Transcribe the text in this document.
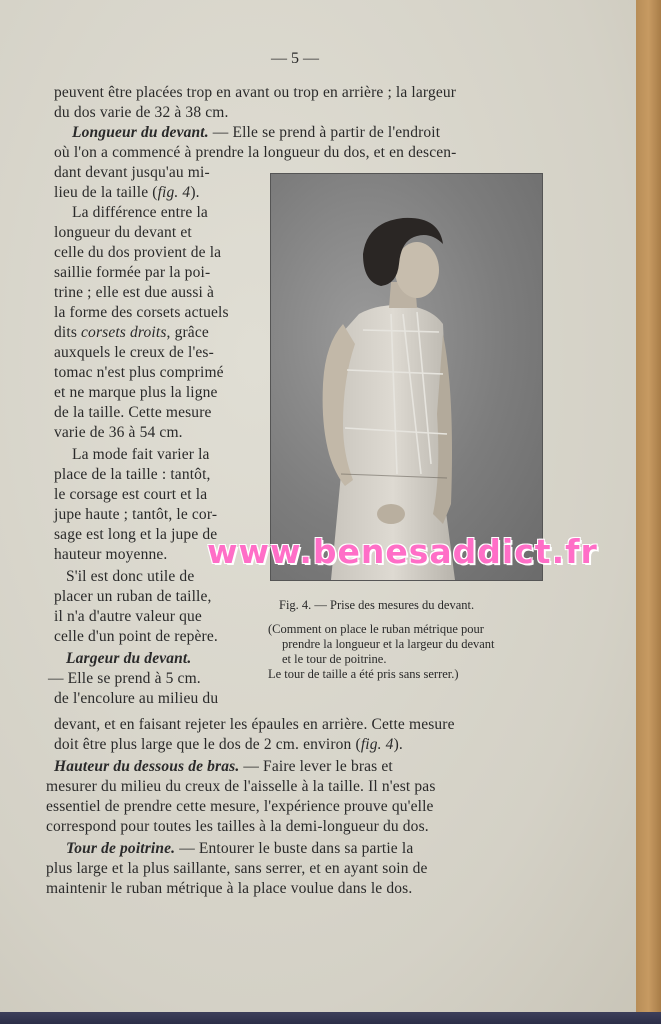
— 5 —
peuvent être placées trop en avant ou trop en arrière ; la largeur
du dos varie de 32 à 38 cm.
Longueur du devant. — Elle se prend à partir de l'endroit
où l'on a commencé à prendre la longueur du dos, et en descen-
dant devant jusqu'au mi-
lieu de la taille (fig. 4).
La différence entre la
longueur du devant et
celle du dos provient de la
saillie formée par la poi-
trine ; elle est due aussi à
la forme des corsets actuels
dits corsets droits, grâce
auxquels le creux de l'es-
tomac n'est plus comprimé
et ne marque plus la ligne
de la taille. Cette mesure
varie de 36 à 54 cm.
La mode fait varier la
place de la taille : tantôt,
le corsage est court et la
jupe haute ; tantôt, le cor-
sage est long et la jupe de
hauteur moyenne.
S'il est donc utile de
placer un ruban de taille,
il n'a d'autre valeur que
celle d'un point de repère.
Largeur du devant.
— Elle se prend à 5 cm.
de l'encolure au milieu du
devant, et en faisant rejeter les épaules en arrière. Cette mesure
doit être plus large que le dos de 2 cm. environ (fig. 4).
Hauteur du dessous de bras. — Faire lever le bras et
mesurer du milieu du creux de l'aisselle à la taille. Il n'est pas
essentiel de prendre cette mesure, l'expérience prouve qu'elle
correspond pour toutes les tailles à la demi-longueur du dos.
Tour de poitrine. — Entourer le buste dans sa partie la
plus large et la plus saillante, sans serrer, et en ayant soin de
maintenir le ruban métrique à la place voulue dans le dos.
Fig. 4. — Prise des mesures du devant.
(Comment on place le ruban métrique pour
prendre la longueur et la largeur du devant
et le tour de poitrine.
Le tour de taille a été pris sans serrer.)
www.benesaddict.fr
